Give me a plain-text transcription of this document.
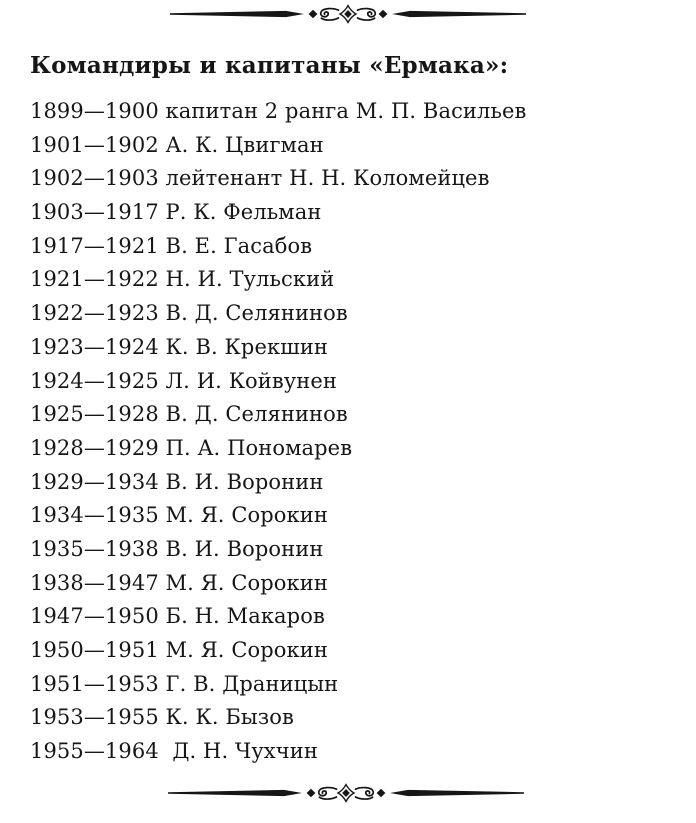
Командиры и капитаны «Ермака»:
1899—1900 капитан 2 ранга М. П. Васильев
1901—1902 А. К. Цвигман
1902—1903 лейтенант Н. Н. Коломейцев
1903—1917 Р. К. Фельман
1917—1921 В. Е. Гасабов
1921—1922 Н. И. Тульский
1922—1923 В. Д. Селянинов
1923—1924 К. В. Крекшин
1924—1925 Л. И. Койвунен
1925—1928 В. Д. Селянинов
1928—1929 П. А. Пономарев
1929—1934 В. И. Воронин
1934—1935 М. Я. Сорокин
1935—1938 В. И. Воронин
1938—1947 М. Я. Сорокин
1947—1950 Б. Н. Макаров
1950—1951 М. Я. Сорокин
1951—1953 Г. В. Драницын
1953—1955 К. К. Бызов
1955—1964  Д. Н. Чухчин
